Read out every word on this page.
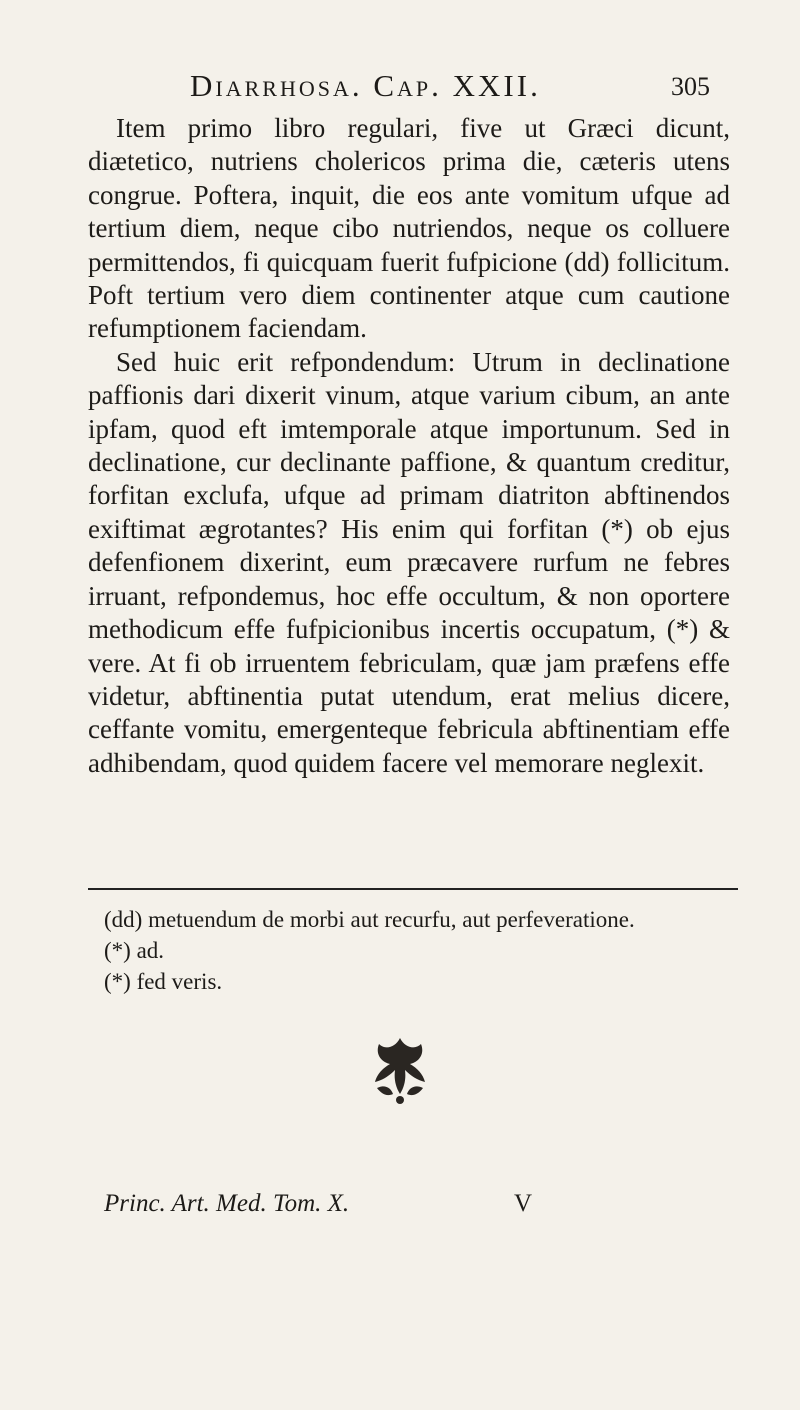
Diarrhosa. Cap. XXII.	305

Item primo libro regulari, five ut Græci dicunt, diætetico, nutriens cholericos prima die, cæteris utens congrue. Poftera, inquit, die eos ante vomitum ufque ad tertium diem, neque cibo nutriendos, neque os colluere permittendos, fi quicquam fuerit fufpicione (dd) follicitum. Poft tertium vero diem continenter atque cum cautione refumptionem faciendam.

Sed huic erit refpondendum: Utrum in declinatione paffionis dari dixerit vinum, atque varium cibum, an ante ipfam, quod eft imtemporale atque importunum. Sed in declinatione, cur declinante paffione, & quantum creditur, forfitan exclufa, ufque ad primam diatriton abftinendos exiftimat ægrotantes? His enim qui forfitan (*) ob ejus defenfionem dixerint, eum præcavere rurfum ne febres irruant, refpondemus, hoc effe occultum, & non oportere methodicum effe fufpicionibus incertis occupatum, (*) & vere. At fi ob irruentem febriculam, quæ jam præfens effe videtur, abftinentia putat utendum, erat melius dicere, ceffante vomitu, emergenteque febricula abftinentiam effe adhibendam, quod quidem facere vel memorare neglexit.

(dd) metuendum de morbi aut recurfu, aut perfeveratione.

(*) ad.

(*) fed veris.

Princ. Art. Med. Tom. X.	V
